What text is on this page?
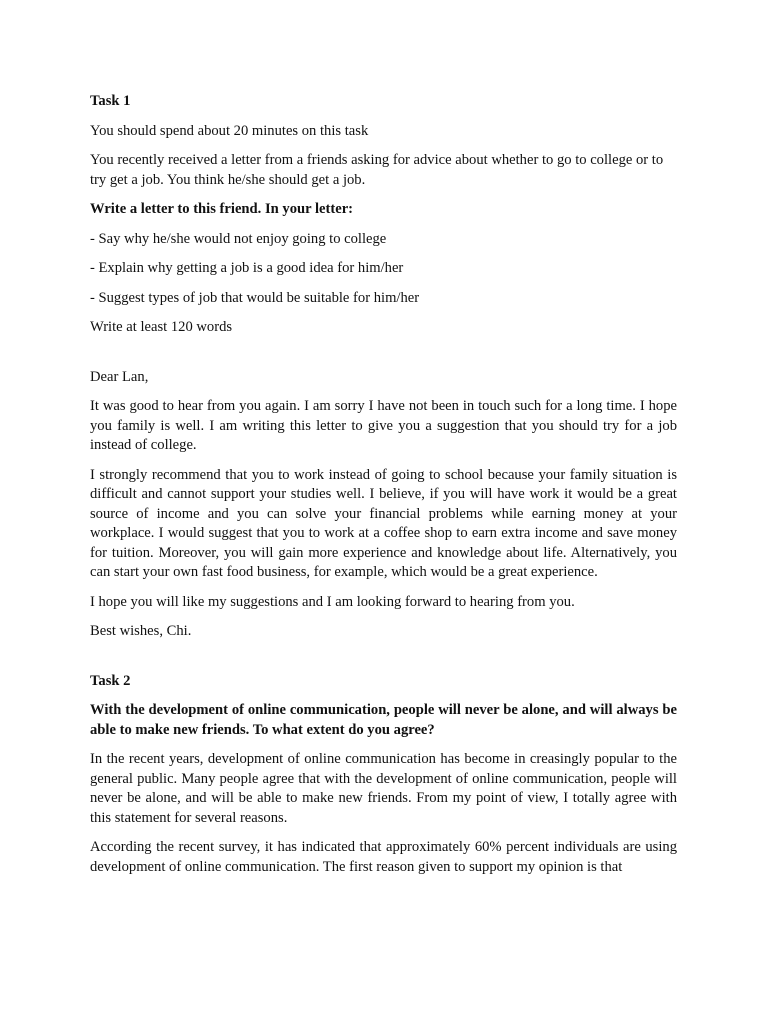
Task 1

You should spend about 20 minutes on this task

You recently received a letter from a friends asking for advice about whether to go to college or to try get a job. You think he/she should get a job.

Write a letter to this friend. In your letter:

- Say why he/she would not enjoy going to college

- Explain why getting a job is a good idea for him/her

- Suggest types of job that would be suitable for him/her

Write at least 120 words

Dear Lan,

It was good to hear from you again. I am sorry I have not been in touch such for a long time. I hope you family is well. I am writing this letter to give you a suggestion that you should try for a job instead of college.

I strongly recommend that you to work instead of going to school because your family situation is difficult and cannot support your studies well. I believe, if you will have work it would be a great source of income and you can solve your financial problems while earning money at your workplace. I would suggest that you to work at a coffee shop to earn extra income and save money for tuition. Moreover, you will gain more experience and knowledge about life. Alternatively, you can start your own fast food business, for example, which would be a great experience.

I hope you will like my suggestions and I am looking forward to hearing from you.

Best wishes, Chi.

Task 2

With the development of online communication, people will never be alone, and will always be able to make new friends. To what extent do you agree?

In the recent years, development of online communication has become in creasingly popular to the general public. Many people agree that with the development of online communication, people will never be alone, and will be able to make new friends. From my point of view, I totally agree with this statement for several reasons.

According the recent survey, it has indicated that approximately 60% percent individuals are using development of online communication. The first reason given to support my opinion is that
